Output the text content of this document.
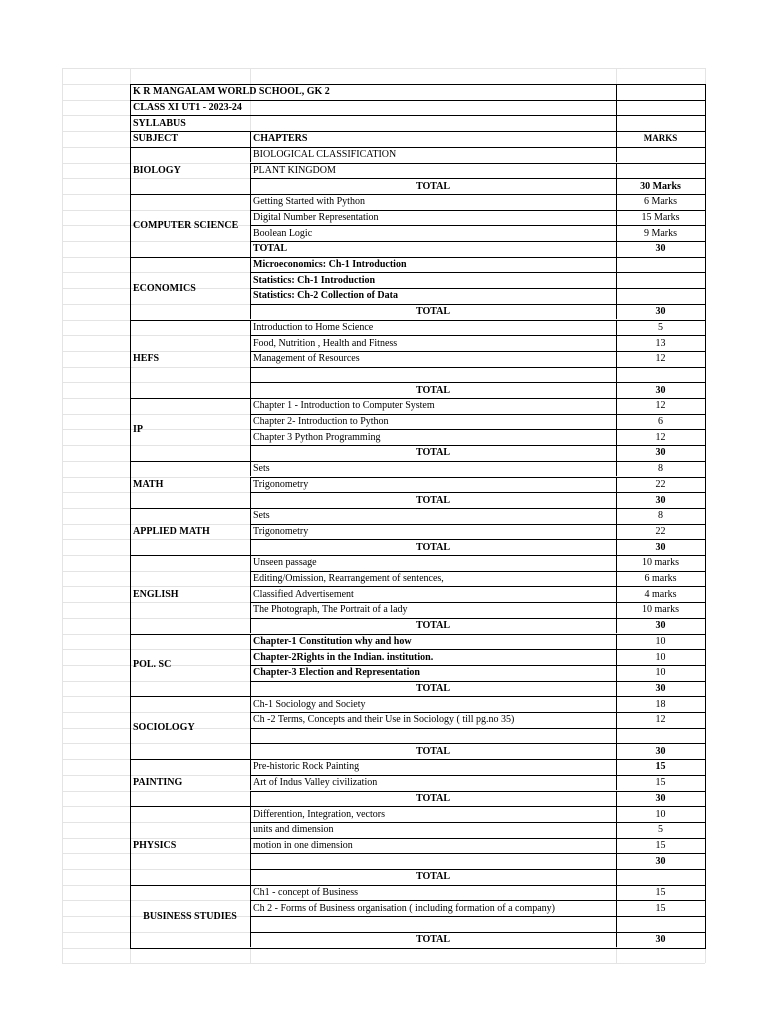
K R MANGALAM WORLD SCHOOL, GK 2
CLASS XI UT1 - 2023-24
SYLLABUS
SUBJECT	CHAPTERS	MARKS
BIOLOGY
BIOLOGICAL CLASSIFICATION
PLANT KINGDOM
TOTAL	30 Marks
COMPUTER SCIENCE
Getting Started with Python	6 Marks
Digital Number Representation	15 Marks
Boolean Logic	9 Marks
TOTAL	30
ECONOMICS
Microeconomics: Ch-1 Introduction
Statistics: Ch-1 Introduction
Statistics: Ch-2 Collection of Data
TOTAL	30
HEFS
Introduction to Home Science	5
Food, Nutrition , Health and Fitness	13
Management of Resources	12
TOTAL	30
IP
Chapter 1 - Introduction to Computer System	12
Chapter 2- Introduction to Python	6
Chapter 3 Python Programming	12
TOTAL	30
MATH
Sets	8
Trigonometry	22
TOTAL	30
APPLIED MATH
Sets	8
Trigonometry	22
TOTAL	30
ENGLISH
Unseen passage	10 marks
Editing/Omission, Rearrangement of sentences,	6 marks
Classified Advertisement	4 marks
The Photograph, The Portrait of a lady	10 marks
TOTAL	30
POL. SC
Chapter-1 Constitution why and how	10
Chapter-2Rights in the Indian. institution.	10
Chapter-3 Election and Representation	10
TOTAL	30
SOCIOLOGY
Ch-1 Sociology and Society	18
Ch -2 Terms, Concepts and their Use in Sociology ( till pg.no 35)	12
TOTAL	30
PAINTING
Pre-historic Rock Painting	15
Art of Indus Valley civilization	15
TOTAL	30
PHYSICS
Differention, Integration, vectors	10
units and dimension	5
motion in one dimension	15
30
TOTAL
BUSINESS STUDIES
Ch1 - concept of Business	15
Ch 2 - Forms of Business organisation ( including formation of a company)	15
TOTAL	30
